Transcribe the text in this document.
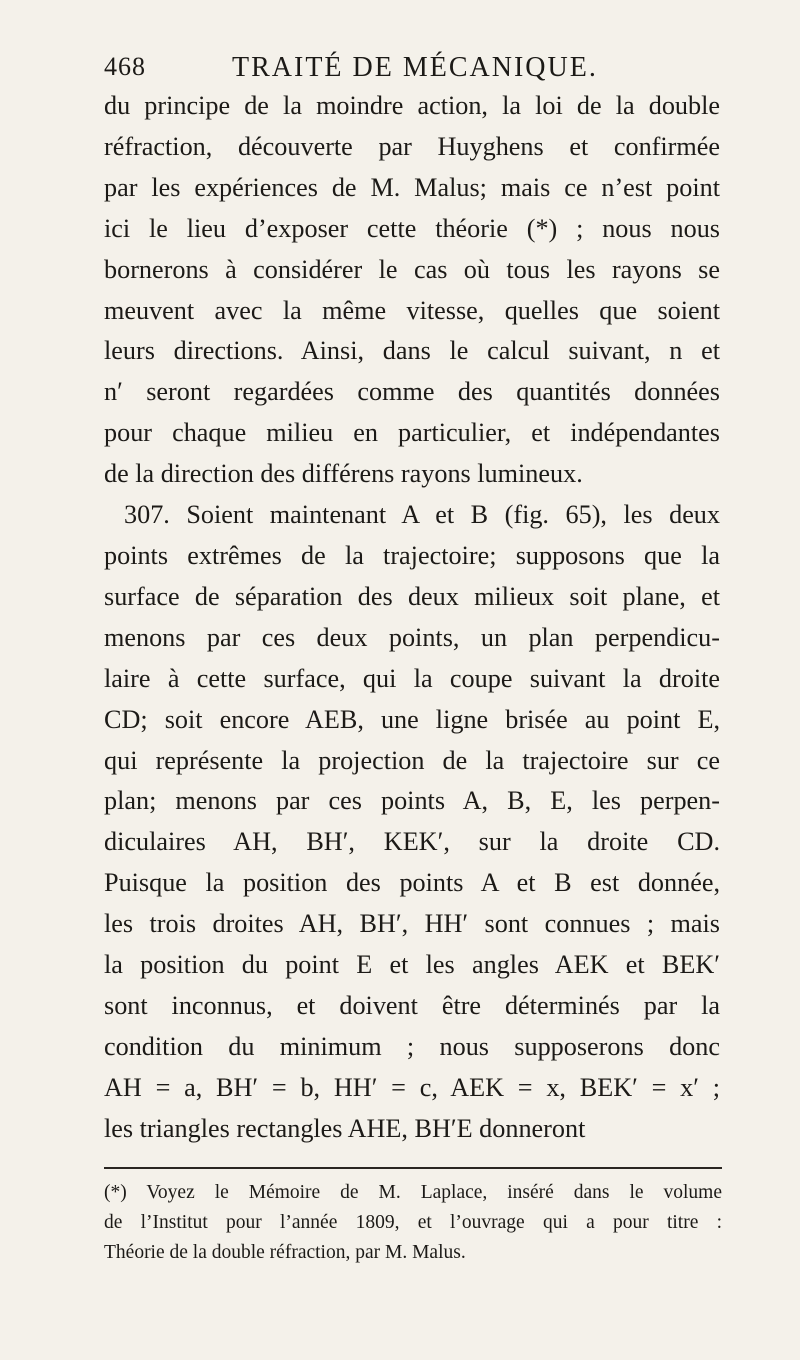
468	TRAITÉ DE MÉCANIQUE.
du principe de la moindre action, la loi de la double
réfraction, découverte par Huyghens et confirmée
par les expériences de M. Malus; mais ce n’est point
ici le lieu d’exposer cette théorie (*) ; nous nous
bornerons à considérer le cas où tous les rayons se
meuvent avec la même vitesse, quelles que soient
leurs directions. Ainsi, dans le calcul suivant, n et
n′ seront regardées comme des quantités données
pour chaque milieu en particulier, et indépendantes
de la direction des différens rayons lumineux.
307. Soient maintenant A et B (fig. 65), les deux
points extrêmes de la trajectoire; supposons que la
surface de séparation des deux milieux soit plane, et
menons par ces deux points, un plan perpendicu-
laire à cette surface, qui la coupe suivant la droite
CD; soit encore AEB, une ligne brisée au point E,
qui représente la projection de la trajectoire sur ce
plan; menons par ces points A, B, E, les perpen-
diculaires AH, BH′, KEK′, sur la droite CD.
Puisque la position des points A et B est donnée,
les trois droites AH, BH′, HH′ sont connues ; mais
la position du point E et les angles AEK et BEK′
sont inconnus, et doivent être déterminés par la
condition du minimum ; nous supposerons donc
AH = a, BH′ = b, HH′ = c, AEK = x, BEK′ = x′ ;
les triangles rectangles AHE, BH′E donneront
(*) Voyez le Mémoire de M. Laplace, inséré dans le volume
de l’Institut pour l’année 1809, et l’ouvrage qui a pour titre :
Théorie de la double réfraction, par M. Malus.
